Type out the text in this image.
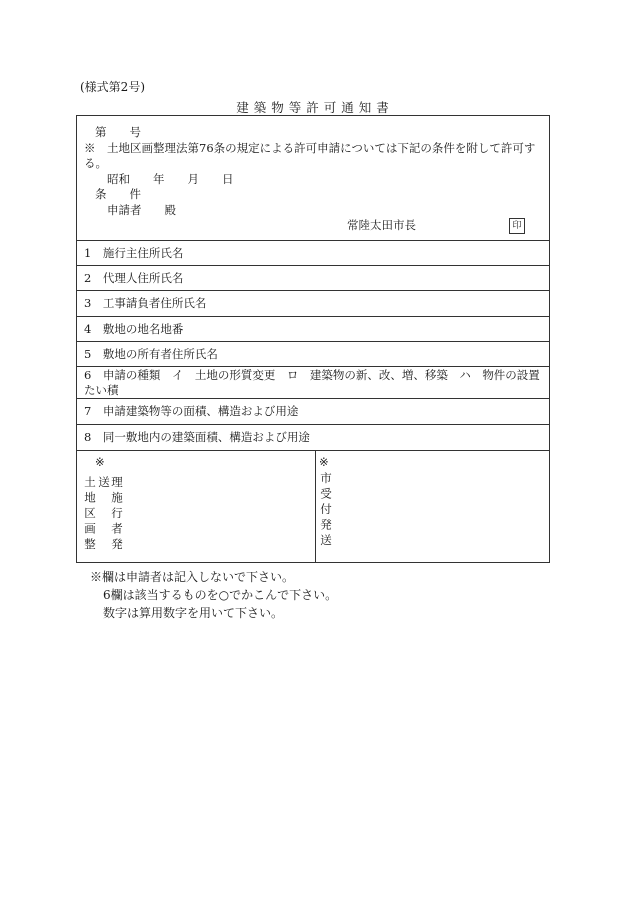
(様式第2号)
建築物等許可通知書
第　　号
※　土地区画整理法第76条の規定による許可申請については下記の条件を附して許可す
る。
昭和　　年　　月　　日
条　　件
申請者　　殿
常陸太田市長	印
1　施行主住所氏名
2　代理人住所氏名
3　工事請負者住所氏名
4　敷地の地名地番
5　敷地の所有者住所氏名
6　申請の種類　イ　土地の形質変更　ロ　建築物の新、改、増、移築　ハ　物件の設置
たい積
7　申請建築物等の面積、構造および用途
8　同一敷地内の建築面積、構造および用途
※
土地区画整	理施行者発送
※
市受付発送
※欄は申請者は記入しないで下さい。
6欄は該当するものを○でかこんで下さい。
数字は算用数字を用いて下さい。
